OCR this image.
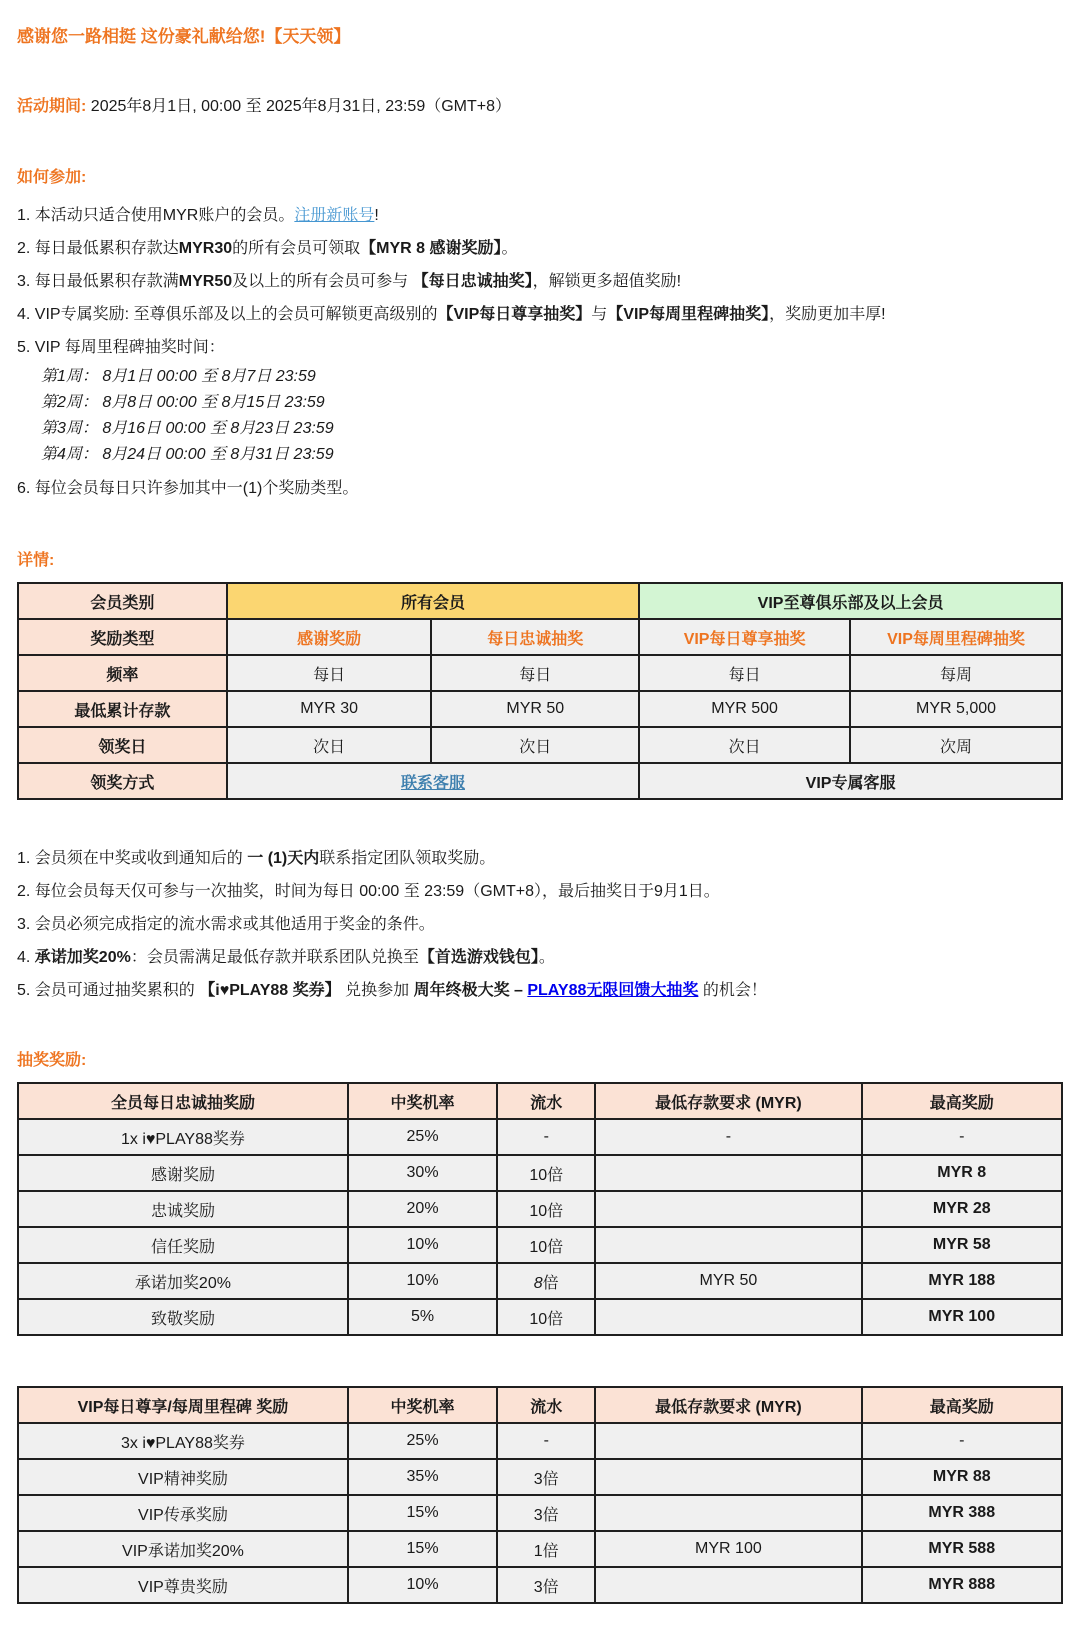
感谢您一路相挺 这份豪礼献给您!【天天领】

活动期间: 2025年8月1日, 00:00 至 2025年8月31日, 23:59（GMT+8）

如何参加:
1. 本活动只适合使用MYR账户的会员。注册新账号!
2. 每日最低累积存款达MYR30的所有会员可领取【MYR 8 感谢奖励】。
3. 每日最低累积存款满MYR50及以上的所有会员可参与 【每日忠诚抽奖】，解锁更多超值奖励!
4. VIP专属奖励: 至尊俱乐部及以上的会员可解锁更高级别的【VIP每日尊享抽奖】与【VIP每周里程碑抽奖】，奖励更加丰厚!
5. VIP 每周里程碑抽奖时间：
第1周： 8月1日 00:00 至 8月7日 23:59
第2周： 8月8日 00:00 至 8月15日 23:59
第3周： 8月16日 00:00 至 8月23日 23:59
第4周： 8月24日 00:00 至 8月31日 23:59
6. 每位会员每日只许参加其中一(1)个奖励类型。
详情:
会员类别	所有会员		VIP至尊俱乐部及以上会员	
奖励类型	感谢奖励	每日忠诚抽奖	VIP每日尊享抽奖	VIP每周里程碑抽奖
频率	每日	每日	每日	每周
最低累计存款	MYR 30	MYR 50	MYR 500	MYR 5,000
领奖日	次日	次日	次日	次周
领奖方式	联系客服		VIP专属客服	
1. 会员须在中奖或收到通知后的 一 (1)天内联系指定团队领取奖励。
2. 每位会员每天仅可参与一次抽奖，时间为每日 00:00 至 23:59（GMT+8），最后抽奖日于9月1日。
3. 会员必须完成指定的流水需求或其他适用于奖金的条件。
4. 承诺加奖20%：会员需满足最低存款并联系团队兑换至【首选游戏钱包】。
5. 会员可通过抽奖累积的 【i♥PLAY88 奖券】 兑换参加 周年终极大奖 – PLAY88无限回馈大抽奖 的机会！
抽奖奖励:
全员每日忠诚抽奖励	中奖机率	流水	最低存款要求 (MYR)	最高奖励
1x i♥PLAY88奖券	25%	-	-	-
感谢奖励	30%	10倍		MYR 8
忠诚奖励	20%	10倍		MYR 28
信任奖励	10%	10倍		MYR 58
承诺加奖20%	10%	8倍	MYR 50	MYR 188
致敬奖励	5%	10倍		MYR 100
VIP每日尊享/每周里程碑 奖励	中奖机率	流水	最低存款要求 (MYR)	最高奖励
3x i♥PLAY88奖券	25%	-		-
VIP精神奖励	35%	3倍		MYR 88
VIP传承奖励	15%	3倍		MYR 388
VIP承诺加奖20%	15%	1倍	MYR 100	MYR 588
VIP尊贵奖励	10%	3倍		MYR 888
